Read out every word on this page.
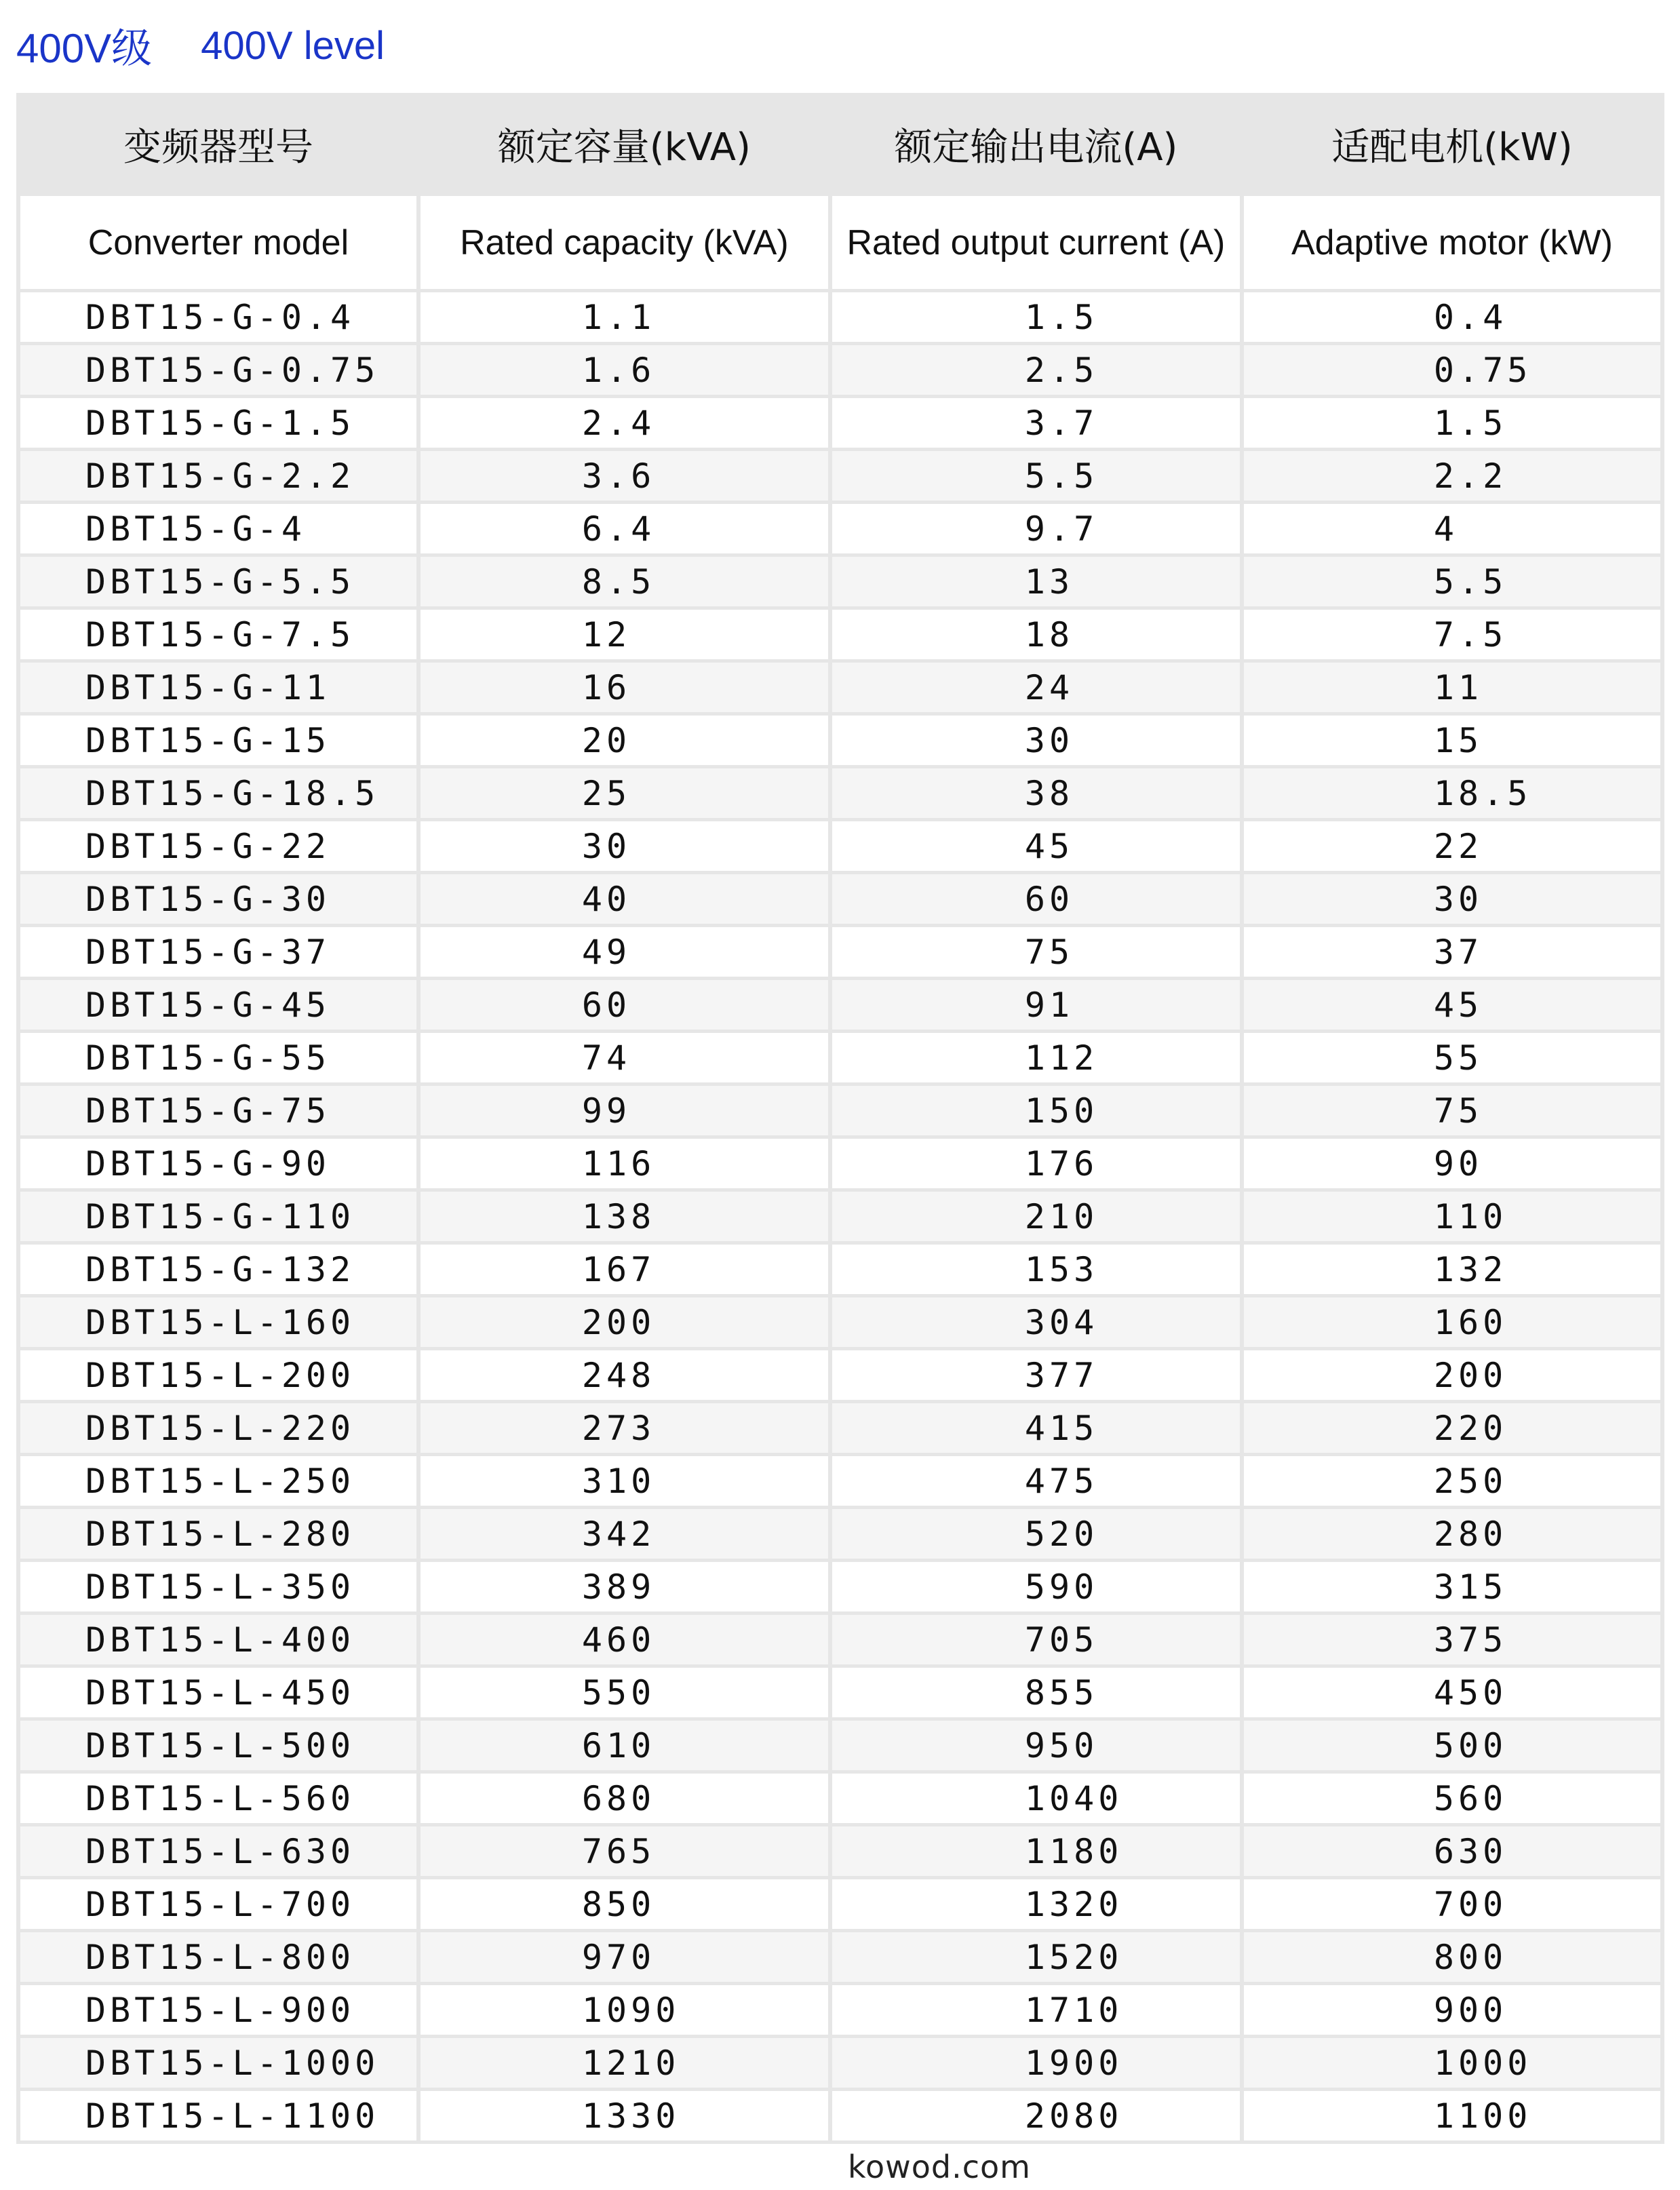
400V级 400V level
变频器型号	额定容量(kVA)	额定输出电流(A)	适配电机(kW)
Converter model	Rated capacity (kVA)	Rated output current (A)	Adaptive motor (kW)
DBT15-G-0.4	1.1	1.5	0.4
DBT15-G-0.75	1.6	2.5	0.75
DBT15-G-1.5	2.4	3.7	1.5
DBT15-G-2.2	3.6	5.5	2.2
DBT15-G-4	6.4	9.7	4
DBT15-G-5.5	8.5	13	5.5
DBT15-G-7.5	12	18	7.5
DBT15-G-11	16	24	11
DBT15-G-15	20	30	15
DBT15-G-18.5	25	38	18.5
DBT15-G-22	30	45	22
DBT15-G-30	40	60	30
DBT15-G-37	49	75	37
DBT15-G-45	60	91	45
DBT15-G-55	74	112	55
DBT15-G-75	99	150	75
DBT15-G-90	116	176	90
DBT15-G-110	138	210	110
DBT15-G-132	167	153	132
DBT15-L-160	200	304	160
DBT15-L-200	248	377	200
DBT15-L-220	273	415	220
DBT15-L-250	310	475	250
DBT15-L-280	342	520	280
DBT15-L-350	389	590	315
DBT15-L-400	460	705	375
DBT15-L-450	550	855	450
DBT15-L-500	610	950	500
DBT15-L-560	680	1040	560
DBT15-L-630	765	1180	630
DBT15-L-700	850	1320	700
DBT15-L-800	970	1520	800
DBT15-L-900	1090	1710	900
DBT15-L-1000	1210	1900	1000
DBT15-L-1100	1330	2080	1100
kowod.com
